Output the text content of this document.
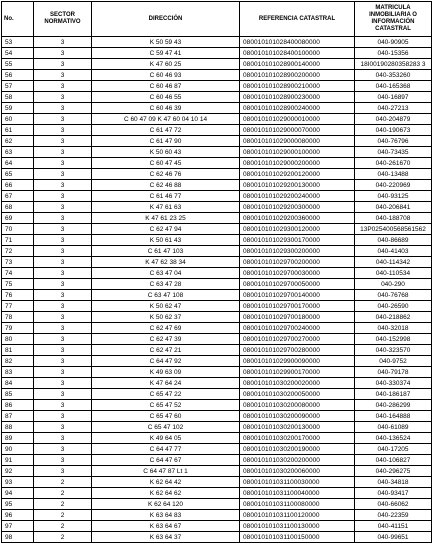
No.	SECTOR NORMATIVO	DIRECCIÓN	REFERENCIA CATASTRAL	MATRICULA INMOBILIARIA O INFORMACIÓN CATASTRAL
53	3	K 50 59 43	080010101028400080000	040-90905
54	3	C 59 47 41	080010101028400100000	040-15356
55	3	K 47 60 25	080010101028900140000	18I00190280358283 3
56	3	C 60 46 93	080010101028900200000	040-353260
57	3	C 60 46 87	080010101028900210000	040-165368
58	3	C 60 46 55	080010101028900230000	040-16897
59	3	C 60 46 39	080010101028900240000	040-27213
60	3	C 60 47 09 K 47 60 04 10 14	080010101029000010000	040-204879
61	3	C 61 47 72	080010101029000070000	040-190673
62	3	C 61 47 90	080010101029000080000	040-76796
63	3	K 50 60 43	080010101029000100000	040-73435
64	3	C 60 47 45	080010101029000200000	040-261670
65	3	C 62 46 76	080010101029200120000	040-13488
66	3	C 62 46 88	080010101029200130000	040-220969
67	3	C 61 46 77	080010101029200240000	040-93125
68	3	K 47 61 63	080010101029200300000	040-206841
69	3	K 47 61 23 25	080010101029200360000	040-188708
70	3	C 62 47 94	080010101029300120000	13P025400568561562
71	3	K 50 61 43	080010101029300170000	040-86689
72	3	C 61 47 103	080010101029300200000	040-41403
73	3	K 47 62 38 34	080010101029700200000	040-114342
74	3	C 63 47 04	080010101029700030000	040-110534
75	3	C 63 47 28	080010101029700050000	040-290
76	3	C 63 47 108	080010101029700140000	040-76768
77	3	K 50 62 47	080010101029700170000	040-26590
78	3	K 50 62 37	080010101029700180000	040-218862
79	3	C 62 47 69	080010101029700240000	040-32018
80	3	C 62 47 39	080010101029700270000	040-152998
81	3	C 62 47 21	080010101029700280000	040-323570
82	3	C 64 47 92	080010101029900090000	040-9752
83	3	K 49 63 09	080010101029900170000	040-79178
84	3	K 47 64 24	080010101030200020000	040-330374
85	3	C 65 47 22	080010101030200050000	040-186187
86	3	C 65 47 52	080010101030200080000	040-286299
87	3	C 65 47 60	080010101030200090000	040-164888
88	3	C 65 47 102	080010101030200130000	040-61089
89	3	K 49 64 05	080010101030200170000	040-136524
90	3	C 64 47 77	080010101030200190000	040-17205
91	3	C 64 47 67	080010101030200200000	040-106827
92	3	C 64 47 87 Lt 1	080010101030200060000	040-296275
93	2	K 62 64 42	080010101031100030000	040-34818
94	2	K 62 64 62	080010101031100040000	040-93417
95	2	K 62 64 120	080010101031100080000	040-66062
96	2	K 63 64 83	080010101031100120000	040-22359
97	2	K 63 64 67	080010101031100130000	040-41151
98	2	K 63 64 37	080010101031100150000	040-99651
